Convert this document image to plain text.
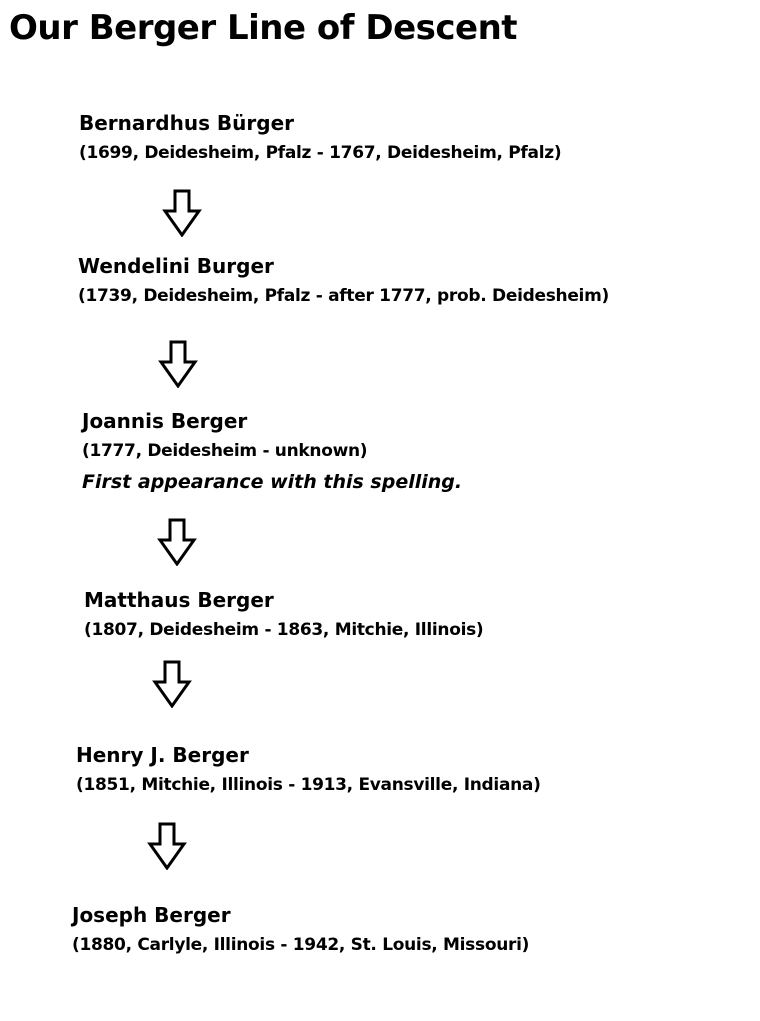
Our Berger Line of Descent
Bernardhus Bürger
(1699, Deidesheim, Pfalz - 1767, Deidesheim, Pfalz)
Wendelini Burger
(1739, Deidesheim, Pfalz - after 1777, prob. Deidesheim)
Joannis Berger
(1777, Deidesheim - unknown)
First appearance with this spelling.
Matthaus Berger
(1807, Deidesheim - 1863, Mitchie, Illinois)
Henry J. Berger
(1851, Mitchie, Illinois - 1913, Evansville, Indiana)
Joseph Berger
(1880, Carlyle, Illinois - 1942, St. Louis, Missouri)
